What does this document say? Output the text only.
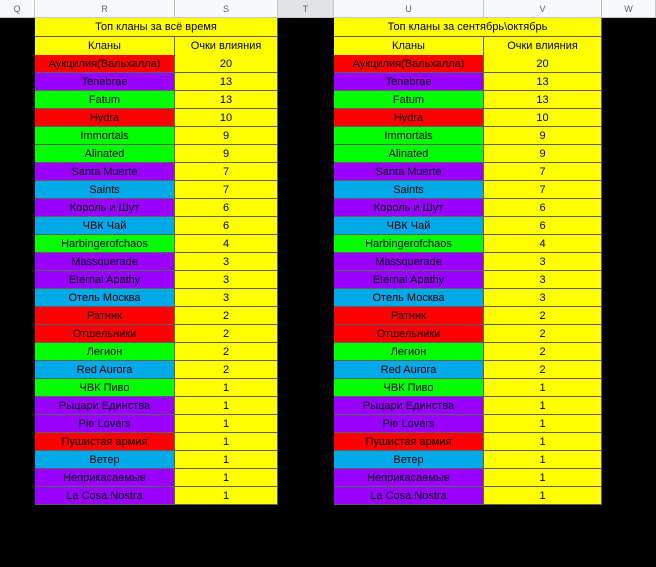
Q	R	S	T	U	V	W
Топ кланы за всё время
Кланы	Очки влияния
Аукцилия(Вальхалла)	20
Tenebrae	13
Fatum	13
Hydra	10
Immortals	9
Alinated	9
Santa Muerte	7
Saints	7
Король и Шут	6
ЧВК Чай	6
Harbingerofchaos	4
Massquerade	3
Eternal Apathy	3
Отель Москва	3
Ратник	2
Отшельники	2
Легион	2
Red Aurora	2
ЧВК Пиво	1
Рыцари Единства	1
Pie Lovers	1
Пушистая армия	1
Ветер	1
Неприкасаемые	1
La Cosa Nostra	1
Топ кланы за сентябрь\октябрь
Кланы	Очки влияния
Аукцилия(Вальхалла)	20
Tenebrae	13
Fatum	13
Hydra	10
Immortals	9
Alinated	9
Santa Muerte	7
Saints	7
Король и Шут	6
ЧВК Чай	6
Harbingerofchaos	4
Massquerade	3
Eternal Apathy	3
Отель Москва	3
Ратник	2
Отшельники	2
Легион	2
Red Aurora	2
ЧВК Пиво	1
Рыцари Единства	1
Pie Lovers	1
Пушистая армия	1
Ветер	1
Неприкасаемые	1
La Cosa Nostra	1
